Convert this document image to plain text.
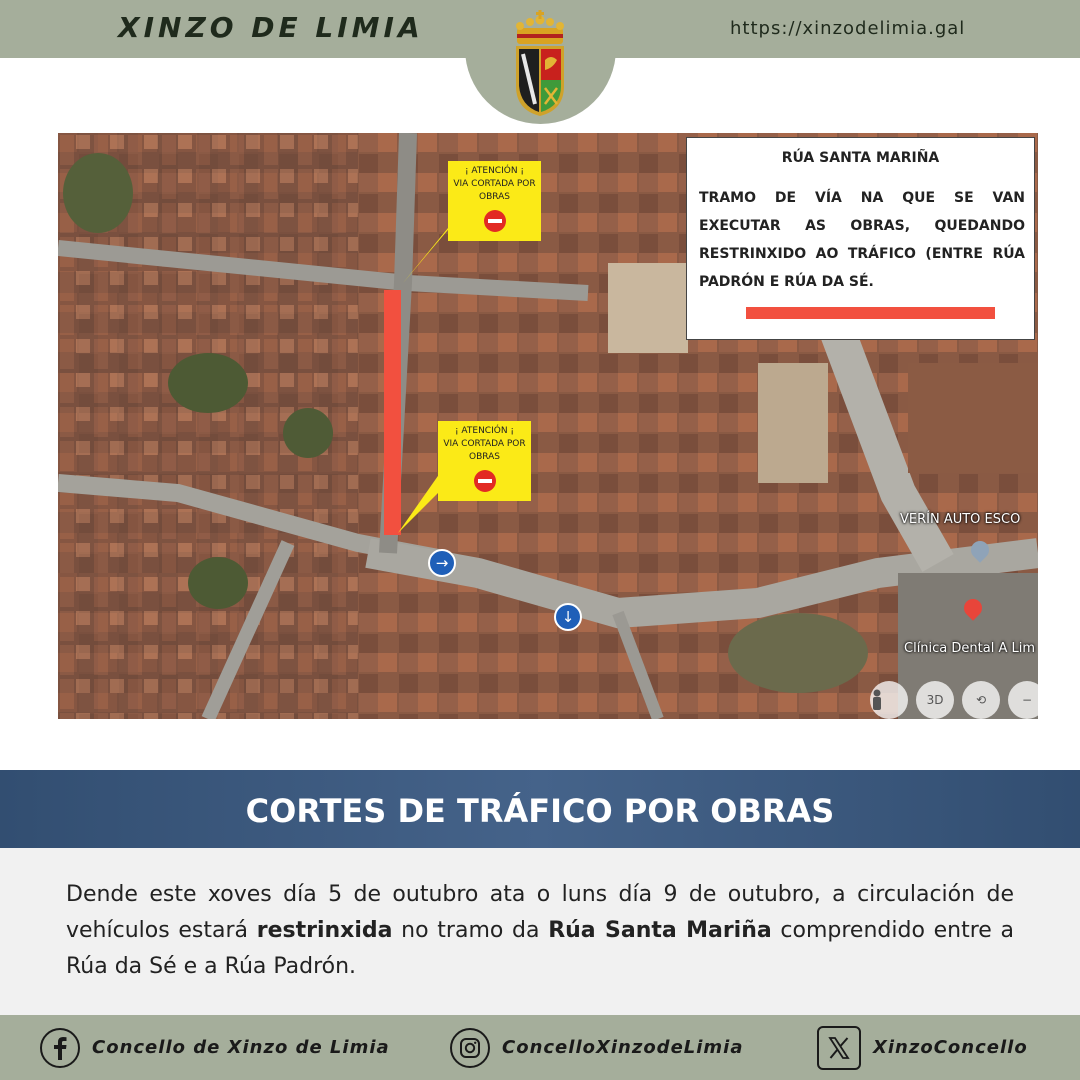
XINZO DE LIMIA	https://xinzodelimia.gal
¡ ATENCIÓN ¡
VIA CORTADA POR
OBRAS
¡ ATENCIÓN ¡
VIA CORTADA POR
OBRAS
→
↓
VERÍN AUTO ESCO
Clínica Dental A Lim
3D	⟲	−
RÚA SANTA MARIÑA
TRAMO DE VÍA NA QUE SE VAN EXECUTAR AS OBRAS, QUEDANDO RESTRINXIDO AO TRÁFICO (ENTRE RÚA PADRÓN E RÚA DA SÉ.
CORTES DE TRÁFICO POR OBRAS
Dende este xoves día 5 de outubro ata o luns día 9 de outubro, a circulación de vehículos estará restrinxida no tramo da Rúa Santa Mariña comprendido entre a Rúa da Sé e a Rúa Padrón.
Concello de Xinzo de Limia	ConcelloXinzodeLimia	XinzoConcello
